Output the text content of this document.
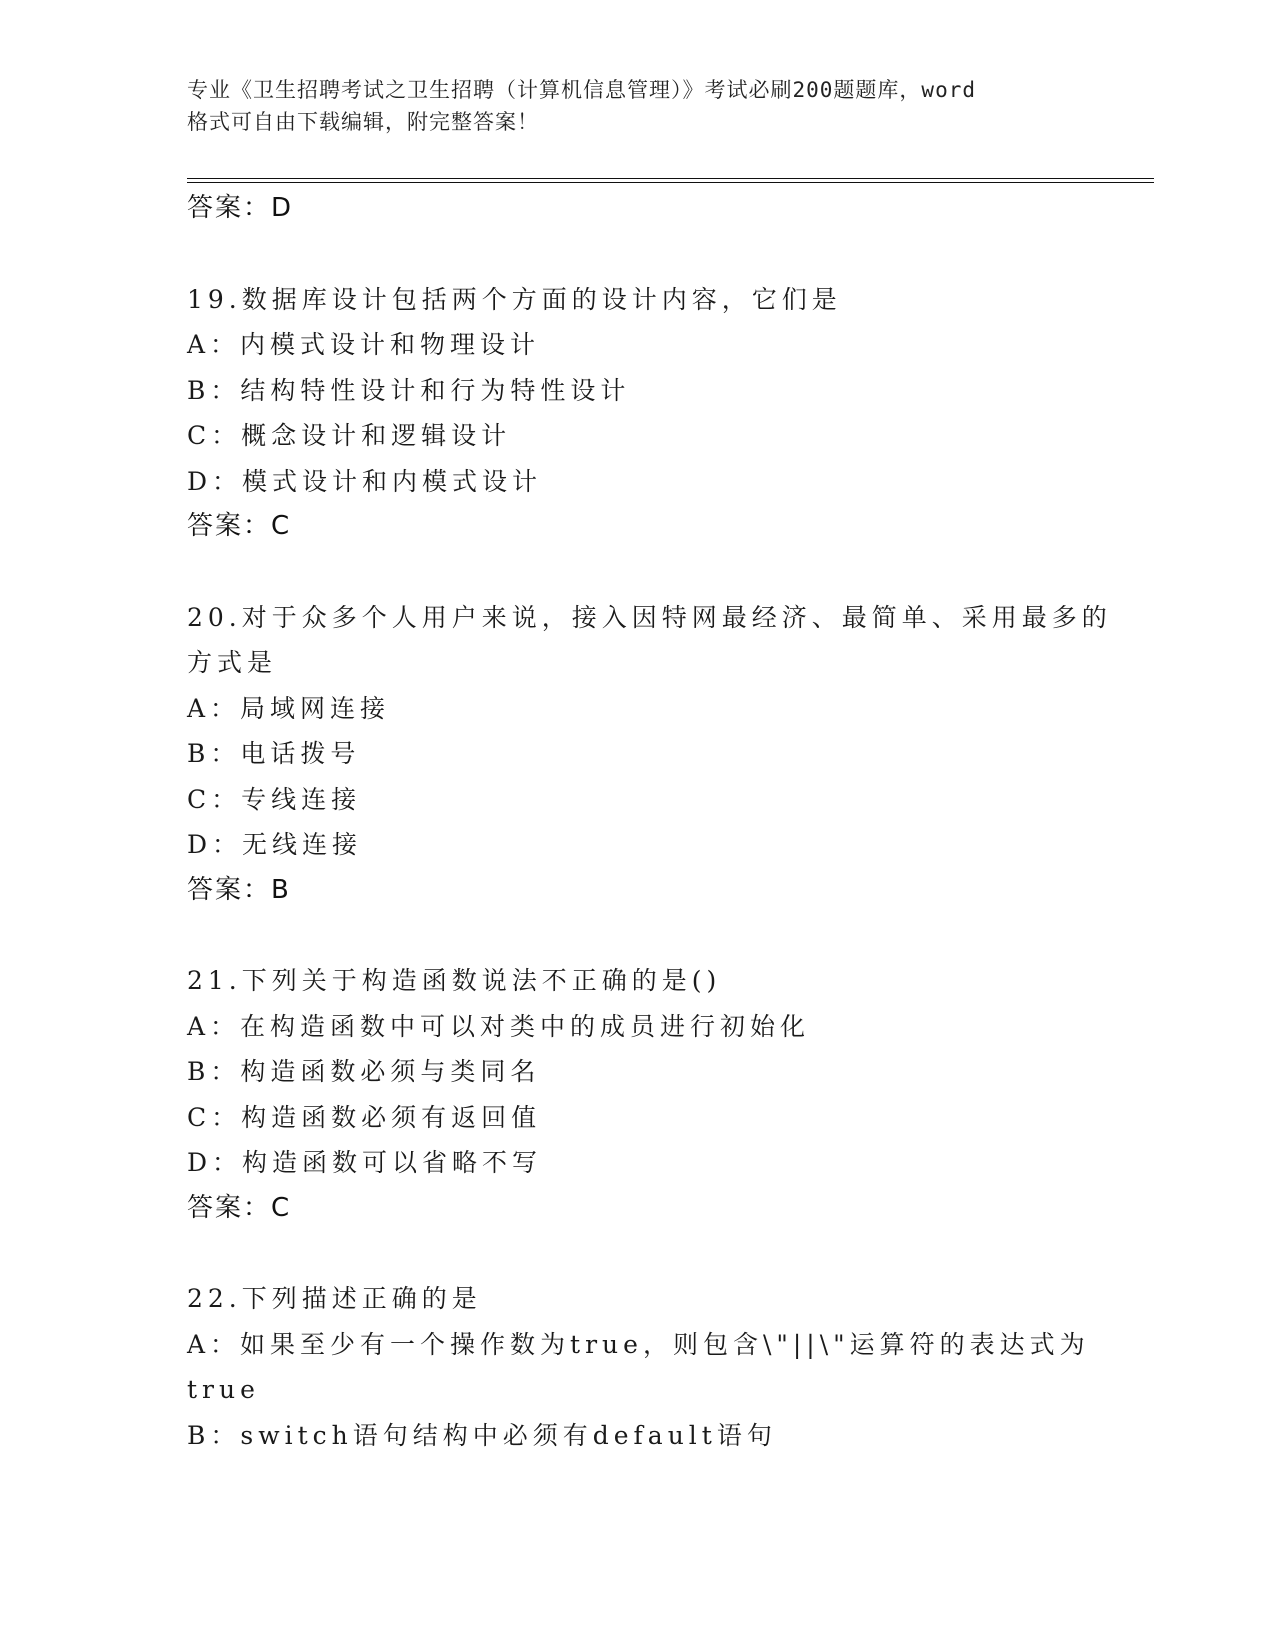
专业《卫生招聘考试之卫生招聘（计算机信息管理）》考试必刷200题题库，word
格式可自由下载编辑，附完整答案！
答案：D
19.数据库设计包括两个方面的设计内容，它们是
A：内模式设计和物理设计
B：结构特性设计和行为特性设计
C：概念设计和逻辑设计
D：模式设计和内模式设计
答案：C
20.对于众多个人用户来说，接入因特网最经济、最简单、采用最多的
方式是
A：局域网连接
B：电话拨号
C：专线连接
D：无线连接
答案：B
21.下列关于构造函数说法不正确的是()
A：在构造函数中可以对类中的成员进行初始化
B：构造函数必须与类同名
C：构造函数必须有返回值
D：构造函数可以省略不写
答案：C
22.下列描述正确的是
A：如果至少有一个操作数为true，则包含\"||\"运算符的表达式为
true
B：switch语句结构中必须有default语句
